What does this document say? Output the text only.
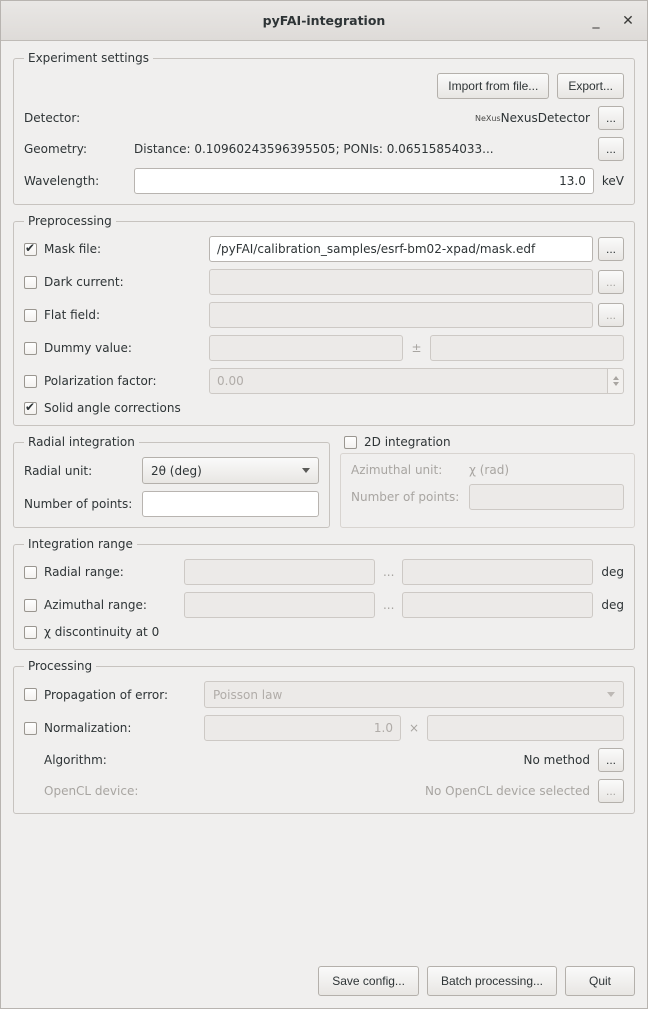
pyFAI-integration	_	✕
Experiment settings
Import from file...	Export...
Detector:	NeXus NexusDetector	...
Geometry:	Distance: 0.10960243596395505; PONIs: 0.06515854033...	...
Wavelength:	13.0	keV
Preprocessing
✔
Mask file:	/pyFAI/calibration_samples/esrf-bm02-xpad/mask.edf	...
Dark current:	...
Flat field:	...
Dummy value:	±
Polarization factor:	0.00
✔
Solid angle corrections
Radial integration
Radial unit:	2θ (deg)
Number of points:
2D integration
Azimuthal unit:	χ (rad)
Number of points:
Integration range
Radial range:	...	deg
Azimuthal range:	...	deg
χ discontinuity at 0
Processing
Propagation of error:	Poisson law
Normalization:	1.0	×
Algorithm:	No method	...
OpenCL device:	No OpenCL device selected	...
Save config...	Batch processing...	Quit
